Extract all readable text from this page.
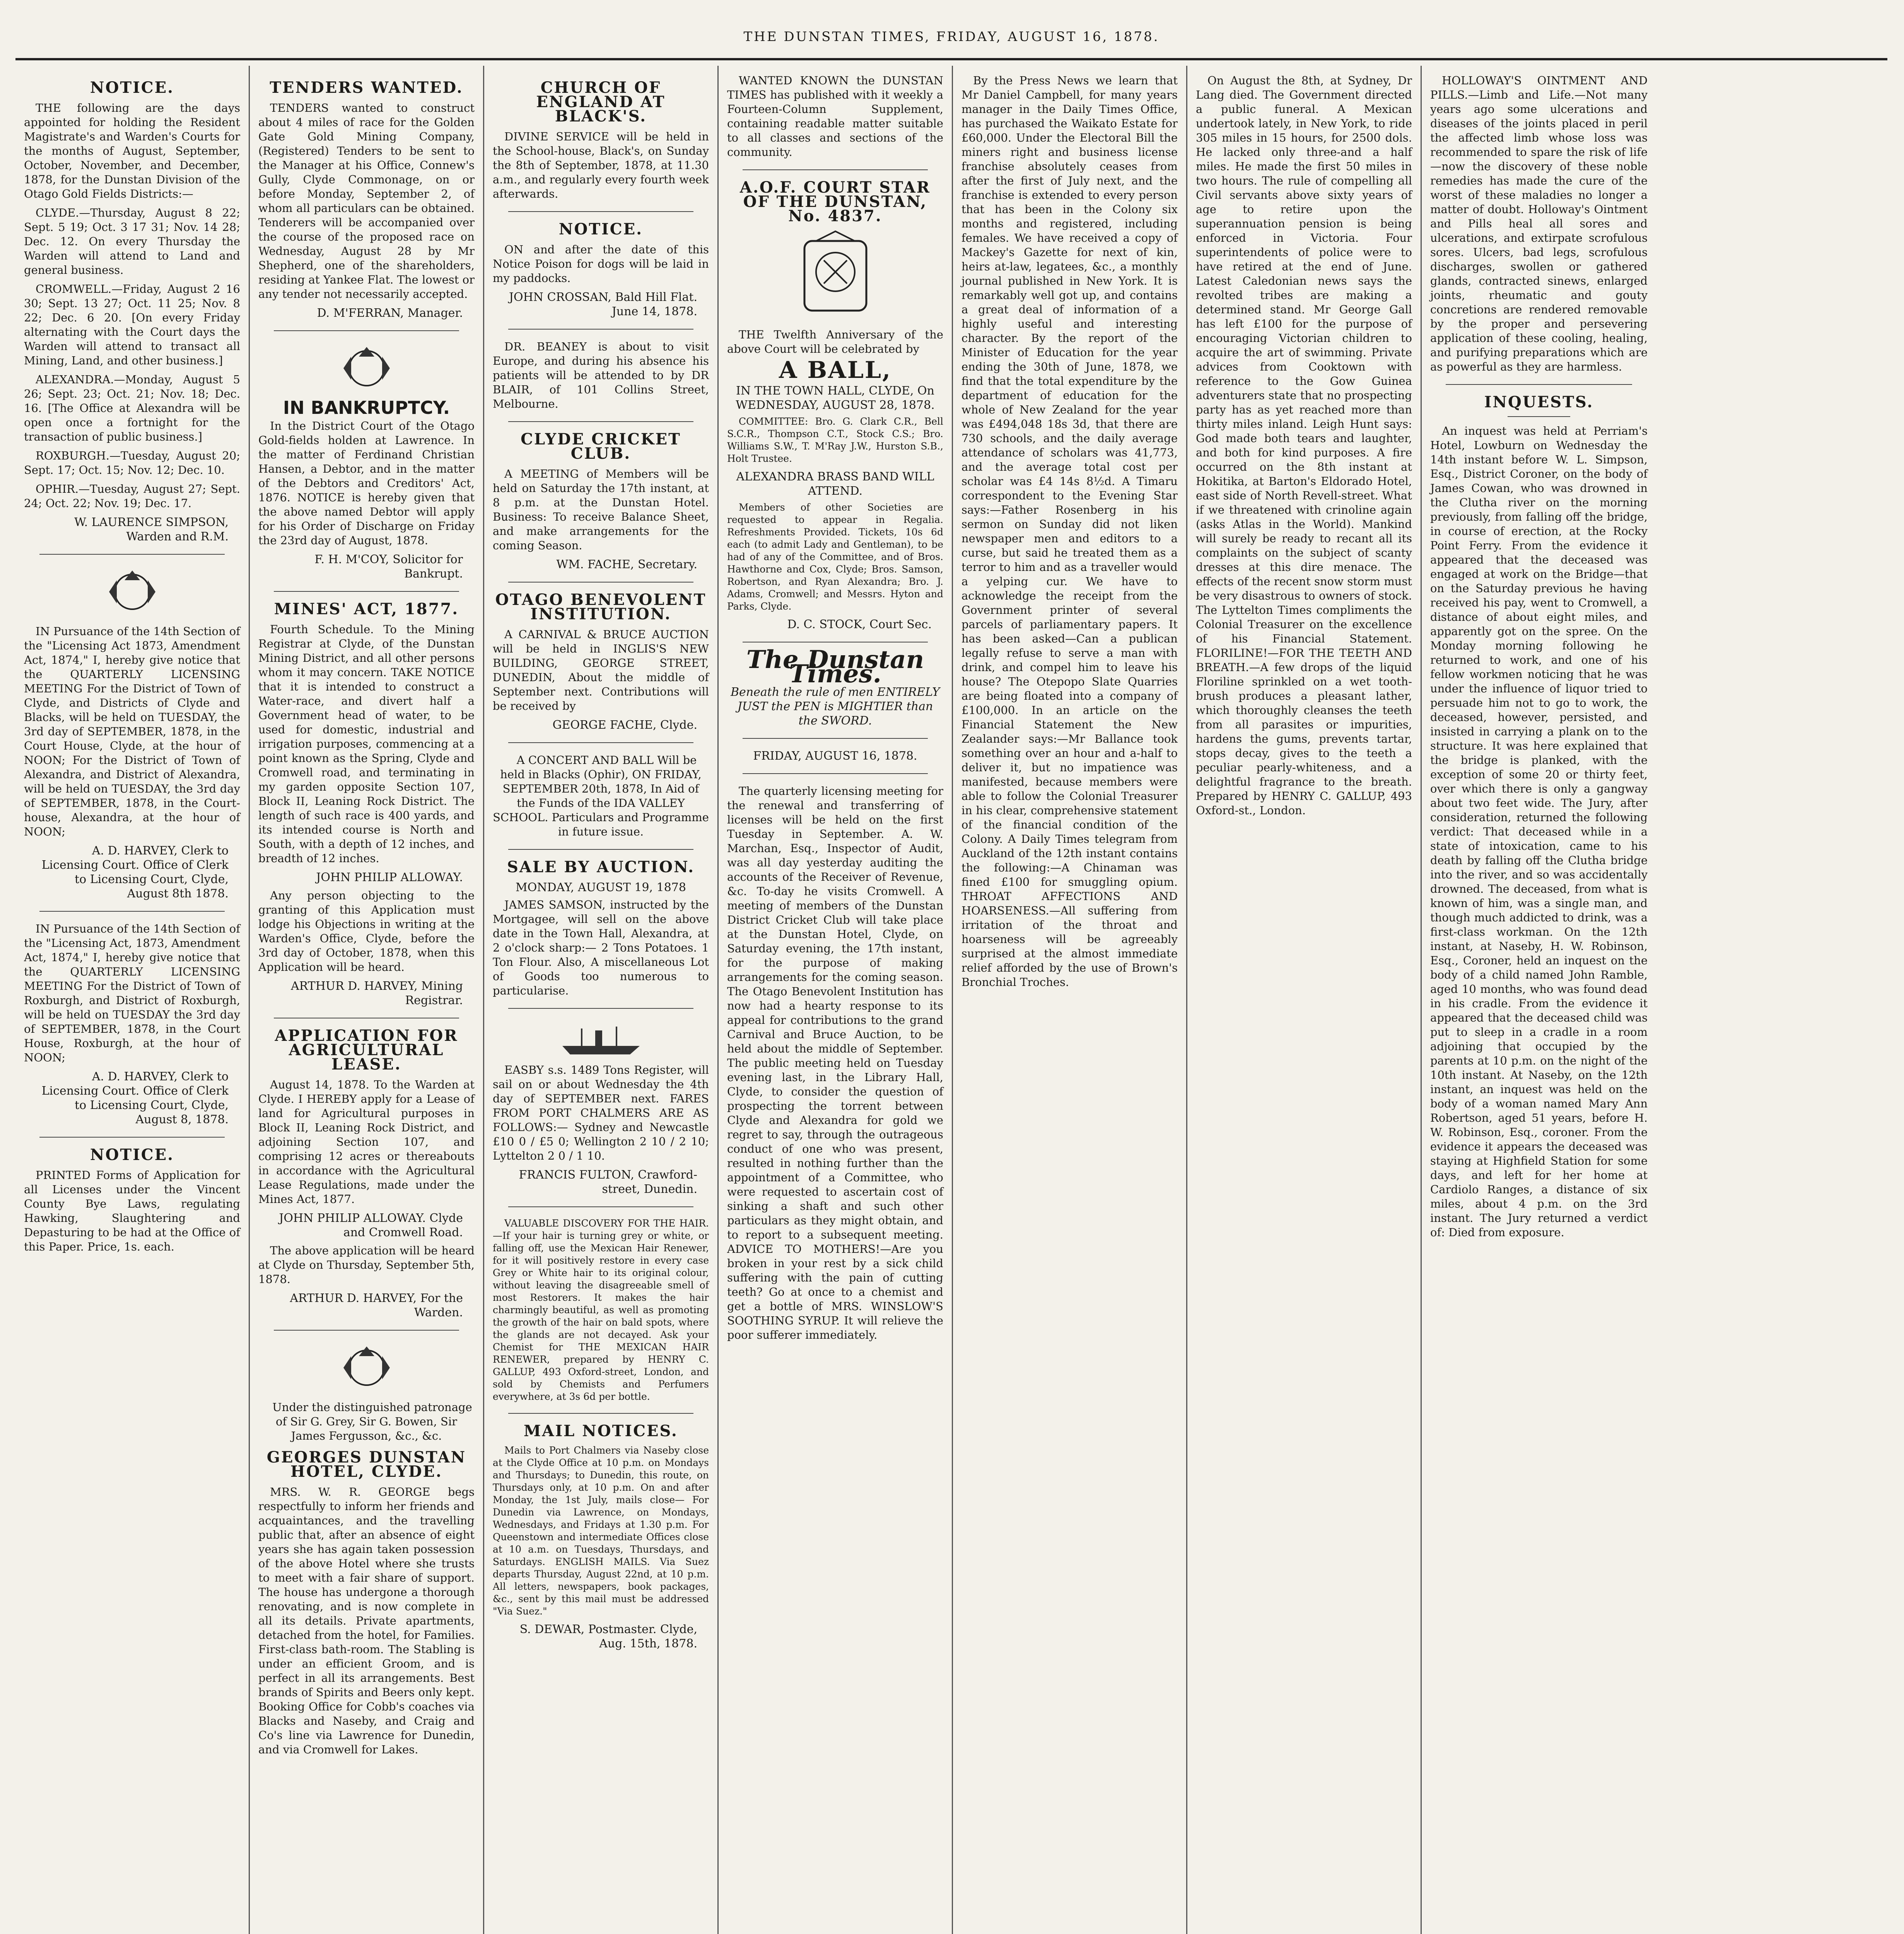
THE DUNSTAN TIMES, FRIDAY, AUGUST 16, 1878.
NOTICE.

THE following are the days appointed for holding the Resident Magistrate's and Warden's Courts for the months of August, September, October, November, and December, 1878, for the Dunstan Division of the Otago Gold Fields Districts:—

CLYDE.—Thursday, August 8 22; Sept. 5 19; Oct. 3 17 31; Nov. 14 28; Dec. 12. On every Thursday the Warden will attend to Land and general business.

CROMWELL.—Friday, August 2 16 30; Sept. 13 27; Oct. 11 25; Nov. 8 22; Dec. 6 20. [On every Friday alternating with the Court days the Warden will attend to transact all Mining, Land, and other business.]

ALEXANDRA.—Monday, August 5 26; Sept. 23; Oct. 21; Nov. 18; Dec. 16. [The Office at Alexandra will be open once a fortnight for the transaction of public business.]

ROXBURGH.—Tuesday, August 20; Sept. 17; Oct. 15; Nov. 12; Dec. 10.

OPHIR.—Tuesday, August 27; Sept. 24; Oct. 22; Nov. 19; Dec. 17.

W. LAURENCE SIMPSON, Warden and R.M.

IN Pursuance of the 14th Section of the "Licensing Act 1873, Amendment Act, 1874," I, hereby give notice that the QUARTERLY LICENSING MEETING For the District of Town of Clyde, and Districts of Clyde and Blacks, will be held on TUESDAY, the 3rd day of SEPTEMBER, 1878, in the Court House, Clyde, at the hour of NOON; For the District of Town of Alexandra, and District of Alexandra, will be held on TUESDAY, the 3rd day of SEPTEMBER, 1878, in the Court-house, Alexandra, at the hour of NOON;

A. D. HARVEY, Clerk to Licensing Court. Office of Clerk to Licensing Court, Clyde, August 8th 1878.

IN Pursuance of the 14th Section of the "Licensing Act, 1873, Amendment Act, 1874," I, hereby give notice that the QUARTERLY LICENSING MEETING For the District of Town of Roxburgh, and District of Roxburgh, will be held on TUESDAY the 3rd day of SEPTEMBER, 1878, in the Court House, Roxburgh, at the hour of NOON;

A. D. HARVEY, Clerk to Licensing Court. Office of Clerk to Licensing Court, Clyde, August 8, 1878.
NOTICE.

PRINTED Forms of Application for all Licenses under the Vincent County Bye Laws, regulating Hawking, Slaughtering and Depasturing to be had at the Office of this Paper. Price, 1s. each.

TENDERS WANTED.

TENDERS wanted to construct about 4 miles of race for the Golden Gate Gold Mining Company, (Registered) Tenders to be sent to the Manager at his Office, Connew's Gully, Clyde Commonage, on or before Monday, September 2, of whom all particulars can be obtained. Tenderers will be accompanied over the course of the proposed race on Wednesday, August 28 by Mr Shepherd, one of the shareholders, residing at Yankee Flat. The lowest or any tender not necessarily accepted.

D. M'FERRAN, Manager.
IN BANKRUPTCY.

In the District Court of the Otago Gold-fields holden at Lawrence. In the matter of Ferdinand Christian Hansen, a Debtor, and in the matter of the Debtors and Creditors' Act, 1876. NOTICE is hereby given that the above named Debtor will apply for his Order of Discharge on Friday the 23rd day of August, 1878.

F. H. M'COY, Solicitor for Bankrupt.
MINES' ACT, 1877.

Fourth Schedule. To the Mining Registrar at Clyde, of the Dunstan Mining District, and all other persons whom it may concern. TAKE NOTICE that it is intended to construct a Water-race, and divert half a Government head of water, to be used for domestic, industrial and irrigation purposes, commencing at a point known as the Spring, Clyde and Cromwell road, and terminating in my garden opposite Section 107, Block II, Leaning Rock District. The length of such race is 400 yards, and its intended course is North and South, with a depth of 12 inches, and breadth of 12 inches.

JOHN PHILIP ALLOWAY.

Any person objecting to the granting of this Application must lodge his Objections in writing at the Warden's Office, Clyde, before the 3rd day of October, 1878, when this Application will be heard.

ARTHUR D. HARVEY, Mining Registrar.
APPLICATION FOR AGRICULTURAL LEASE.

August 14, 1878. To the Warden at Clyde. I HEREBY apply for a Lease of land for Agricultural purposes in Block II, Leaning Rock District, and adjoining Section 107, and comprising 12 acres or thereabouts in accordance with the Agricultural Lease Regulations, made under the Mines Act, 1877.

JOHN PHILIP ALLOWAY. Clyde and Cromwell Road.

The above application will be heard at Clyde on Thursday, September 5th, 1878.

ARTHUR D. HARVEY, For the Warden.

Under the distinguished patronage of Sir G. Grey, Sir G. Bowen, Sir James Fergusson, &c., &c.

GEORGES DUNSTAN HOTEL, CLYDE.

MRS. W. R. GEORGE begs respectfully to inform her friends and acquaintances, and the travelling public that, after an absence of eight years she has again taken possession of the above Hotel where she trusts to meet with a fair share of support. The house has undergone a thorough renovating, and is now complete in all its details. Private apartments, detached from the hotel, for Families. First-class bath-room. The Stabling is under an efficient Groom, and is perfect in all its arrangements. Best brands of Spirits and Beers only kept. Booking Office for Cobb's coaches via Blacks and Naseby, and Craig and Co's line via Lawrence for Dunedin, and via Cromwell for Lakes.

CHURCH OF ENGLAND AT BLACK'S.

DIVINE SERVICE will be held in the School-house, Black's, on Sunday the 8th of September, 1878, at 11.30 a.m., and regularly every fourth week afterwards.

NOTICE.

ON and after the date of this Notice Poison for dogs will be laid in my paddocks.

JOHN CROSSAN, Bald Hill Flat. June 14, 1878.

DR. BEANEY is about to visit Europe, and during his absence his patients will be attended to by DR BLAIR, of 101 Collins Street, Melbourne.

CLYDE CRICKET CLUB.

A MEETING of Members will be held on Saturday the 17th instant, at 8 p.m. at the Dunstan Hotel. Business: To receive Balance Sheet, and make arrangements for the coming Season.

WM. FACHE, Secretary.
OTAGO BENEVOLENT INSTITUTION.

A CARNIVAL & BRUCE AUCTION will be held in INGLIS'S NEW BUILDING, GEORGE STREET, DUNEDIN, About the middle of September next. Contributions will be received by

GEORGE FACHE, Clyde.

A CONCERT AND BALL Will be held in Blacks (Ophir), ON FRIDAY, SEPTEMBER 20th, 1878, In Aid of the Funds of the IDA VALLEY SCHOOL. Particulars and Programme in future issue.

SALE BY AUCTION.
MONDAY, AUGUST 19, 1878

JAMES SAMSON, instructed by the Mortgagee, will sell on the above date in the Town Hall, Alexandra, at 2 o'clock sharp:— 2 Tons Potatoes. 1 Ton Flour. Also, A miscellaneous Lot of Goods too numerous to particularise.

EASBY s.s. 1489 Tons Register, will sail on or about Wednesday the 4th day of SEPTEMBER next. FARES FROM PORT CHALMERS ARE AS FOLLOWS:— Sydney and Newcastle £10 0 / £5 0; Wellington 2 10 / 2 10; Lyttelton 2 0 / 1 10.

FRANCIS FULTON, Crawford-street, Dunedin.

VALUABLE DISCOVERY FOR THE HAIR.—If your hair is turning grey or white, or falling off, use the Mexican Hair Renewer, for it will positively restore in every case Grey or White hair to its original colour, without leaving the disagreeable smell of most Restorers. It makes the hair charmingly beautiful, as well as promoting the growth of the hair on bald spots, where the glands are not decayed. Ask your Chemist for THE MEXICAN HAIR RENEWER, prepared by HENRY C. GALLUP, 493 Oxford-street, London, and sold by Chemists and Perfumers everywhere, at 3s 6d per bottle.

MAIL NOTICES.

Mails to Port Chalmers via Naseby close at the Clyde Office at 10 p.m. on Mondays and Thursdays; to Dunedin, this route, on Thursdays only, at 10 p.m. On and after Monday, the 1st July, mails close— For Dunedin via Lawrence, on Mondays, Wednesdays, and Fridays at 1.30 p.m. For Queenstown and intermediate Offices close at 10 a.m. on Tuesdays, Thursdays, and Saturdays. ENGLISH MAILS. Via Suez departs Thursday, August 22nd, at 10 p.m. All letters, newspapers, book packages, &c., sent by this mail must be addressed "Via Suez."

S. DEWAR, Postmaster. Clyde, Aug. 15th, 1878.

WANTED KNOWN the DUNSTAN TIMES has published with it weekly a Fourteen-Column Supplement, containing readable matter suitable to all classes and sections of the community.

A.O.F. COURT STAR OF THE DUNSTAN, No. 4837.

THE Twelfth Anniversary of the above Court will be celebrated by

A BALL,
IN THE TOWN HALL, CLYDE, On WEDNESDAY, AUGUST 28, 1878.

COMMITTEE: Bro. G. Clark C.R., Bell S.C.R., Thompson C.T., Stock C.S.; Bro. Williams S.W., T. M'Ray J.W., Hurston S.B., Holt Trustee.

ALEXANDRA BRASS BAND WILL ATTEND.

Members of other Societies are requested to appear in Regalia. Refreshments Provided. Tickets, 10s 6d each (to admit Lady and Gentleman), to be had of any of the Committee, and of Bros. Hawthorne and Cox, Clyde; Bros. Samson, Robertson, and Ryan Alexandra; Bro. J. Adams, Cromwell; and Messrs. Hyton and Parks, Clyde.

D. C. STOCK, Court Sec.
The Dunstan Times.
Beneath the rule of men ENTIRELY JUST the PEN is MIGHTIER than the SWORD.
FRIDAY, AUGUST 16, 1878.

The quarterly licensing meeting for the renewal and transferring of licenses will be held on the first Tuesday in September. A. W. Marchan, Esq., Inspector of Audit, was all day yesterday auditing the accounts of the Receiver of Revenue, &c. To-day he visits Cromwell. A meeting of members of the Dunstan District Cricket Club will take place at the Dunstan Hotel, Clyde, on Saturday evening, the 17th instant, for the purpose of making arrangements for the coming season. The Otago Benevolent Institution has now had a hearty response to its appeal for contributions to the grand Carnival and Bruce Auction, to be held about the middle of September. The public meeting held on Tuesday evening last, in the Library Hall, Clyde, to consider the question of prospecting the torrent between Clyde and Alexandra for gold we regret to say, through the outrageous conduct of one who was present, resulted in nothing further than the appointment of a Committee, who were requested to ascertain cost of sinking a shaft and such other particulars as they might obtain, and to report to a subsequent meeting. ADVICE TO MOTHERS!—Are you broken in your rest by a sick child suffering with the pain of cutting teeth? Go at once to a chemist and get a bottle of MRS. WINSLOW'S SOOTHING SYRUP. It will relieve the poor sufferer immediately.

By the Press News we learn that Mr Daniel Campbell, for many years manager in the Daily Times Office, has purchased the Waikato Estate for £60,000. Under the Electoral Bill the miners right and business license franchise absolutely ceases from after the first of July next, and the franchise is extended to every person that has been in the Colony six months and registered, including females. We have received a copy of Mackey's Gazette for next of kin, heirs at-law, legatees, &c., a monthly journal published in New York. It is remarkably well got up, and contains a great deal of information of a highly useful and interesting character. By the report of the Minister of Education for the year ending the 30th of June, 1878, we find that the total expenditure by the department of education for the whole of New Zealand for the year was £494,048 18s 3d, that there are 730 schools, and the daily average attendance of scholars was 41,773, and the average total cost per scholar was £4 14s 8½d. A Timaru correspondent to the Evening Star says:—Father Rosenberg in his sermon on Sunday did not liken newspaper men and editors to a curse, but said he treated them as a terror to him and as a traveller would a yelping cur. We have to acknowledge the receipt from the Government printer of several parcels of parliamentary papers. It has been asked—Can a publican legally refuse to serve a man with drink, and compel him to leave his house? The Otepopo Slate Quarries are being floated into a company of £100,000. In an article on the Financial Statement the New Zealander says:—Mr Ballance took something over an hour and a-half to deliver it, but no impatience was manifested, because members were able to follow the Colonial Treasurer in his clear, comprehensive statement of the financial condition of the Colony. A Daily Times telegram from Auckland of the 12th instant contains the following:—A Chinaman was fined £100 for smuggling opium. THROAT AFFECTIONS AND HOARSENESS.—All suffering from irritation of the throat and hoarseness will be agreeably surprised at the almost immediate relief afforded by the use of Brown's Bronchial Troches.

On August the 8th, at Sydney, Dr Lang died. The Government directed a public funeral. A Mexican undertook lately, in New York, to ride 305 miles in 15 hours, for 2500 dols. He lacked only three-and a half miles. He made the first 50 miles in two hours. The rule of compelling all Civil servants above sixty years of age to retire upon the superannuation pension is being enforced in Victoria. Four superintendents of police were to have retired at the end of June. Latest Caledonian news says the revolted tribes are making a determined stand. Mr George Gall has left £100 for the purpose of encouraging Victorian children to acquire the art of swimming. Private advices from Cooktown with reference to the Gow Guinea adventurers state that no prospecting party has as yet reached more than thirty miles inland. Leigh Hunt says: God made both tears and laughter, and both for kind purposes. A fire occurred on the 8th instant at Hokitika, at Barton's Eldorado Hotel, east side of North Revell-street. What if we threatened with crinoline again (asks Atlas in the World). Mankind will surely be ready to recant all its complaints on the subject of scanty dresses at this dire menace. The effects of the recent snow storm must be very disastrous to owners of stock. The Lyttelton Times compliments the Colonial Treasurer on the excellence of his Financial Statement. FLORILINE!—FOR THE TEETH AND BREATH.—A few drops of the liquid Floriline sprinkled on a wet tooth-brush produces a pleasant lather, which thoroughly cleanses the teeth from all parasites or impurities, hardens the gums, prevents tartar, stops decay, gives to the teeth a peculiar pearly-whiteness, and a delightful fragrance to the breath. Prepared by HENRY C. GALLUP, 493 Oxford-st., London.

HOLLOWAY'S OINTMENT AND PILLS.—Limb and Life.—Not many years ago some ulcerations and diseases of the joints placed in peril the affected limb whose loss was recommended to spare the risk of life—now the discovery of these noble remedies has made the cure of the worst of these maladies no longer a matter of doubt. Holloway's Ointment and Pills heal all sores and ulcerations, and extirpate scrofulous sores. Ulcers, bad legs, scrofulous discharges, swollen or gathered glands, contracted sinews, enlarged joints, rheumatic and gouty concretions are rendered removable by the proper and persevering application of these cooling, healing, and purifying preparations which are as powerful as they are harmless.

INQUESTS.

An inquest was held at Perriam's Hotel, Lowburn on Wednesday the 14th instant before W. L. Simpson, Esq., District Coroner, on the body of James Cowan, who was drowned in the Clutha river on the morning previously, from falling off the bridge, in course of erection, at the Rocky Point Ferry. From the evidence it appeared that the deceased was engaged at work on the Bridge—that on the Saturday previous he having received his pay, went to Cromwell, a distance of about eight miles, and apparently got on the spree. On the Monday morning following he returned to work, and one of his fellow workmen noticing that he was under the influence of liquor tried to persuade him not to go to work, the deceased, however, persisted, and insisted in carrying a plank on to the structure. It was here explained that the bridge is planked, with the exception of some 20 or thirty feet, over which there is only a gangway about two feet wide. The Jury, after consideration, returned the following verdict: That deceased while in a state of intoxication, came to his death by falling off the Clutha bridge into the river, and so was accidentally drowned. The deceased, from what is known of him, was a single man, and though much addicted to drink, was a first-class workman. On the 12th instant, at Naseby, H. W. Robinson, Esq., Coroner, held an inquest on the body of a child named John Ramble, aged 10 months, who was found dead in his cradle. From the evidence it appeared that the deceased child was put to sleep in a cradle in a room adjoining that occupied by the parents at 10 p.m. on the night of the 10th instant. At Naseby, on the 12th instant, an inquest was held on the body of a woman named Mary Ann Robertson, aged 51 years, before H. W. Robinson, Esq., coroner. From the evidence it appears the deceased was staying at Highfield Station for some days, and left for her home at Cardiolo Ranges, a distance of six miles, about 4 p.m. on the 3rd instant. The Jury returned a verdict of: Died from exposure.
